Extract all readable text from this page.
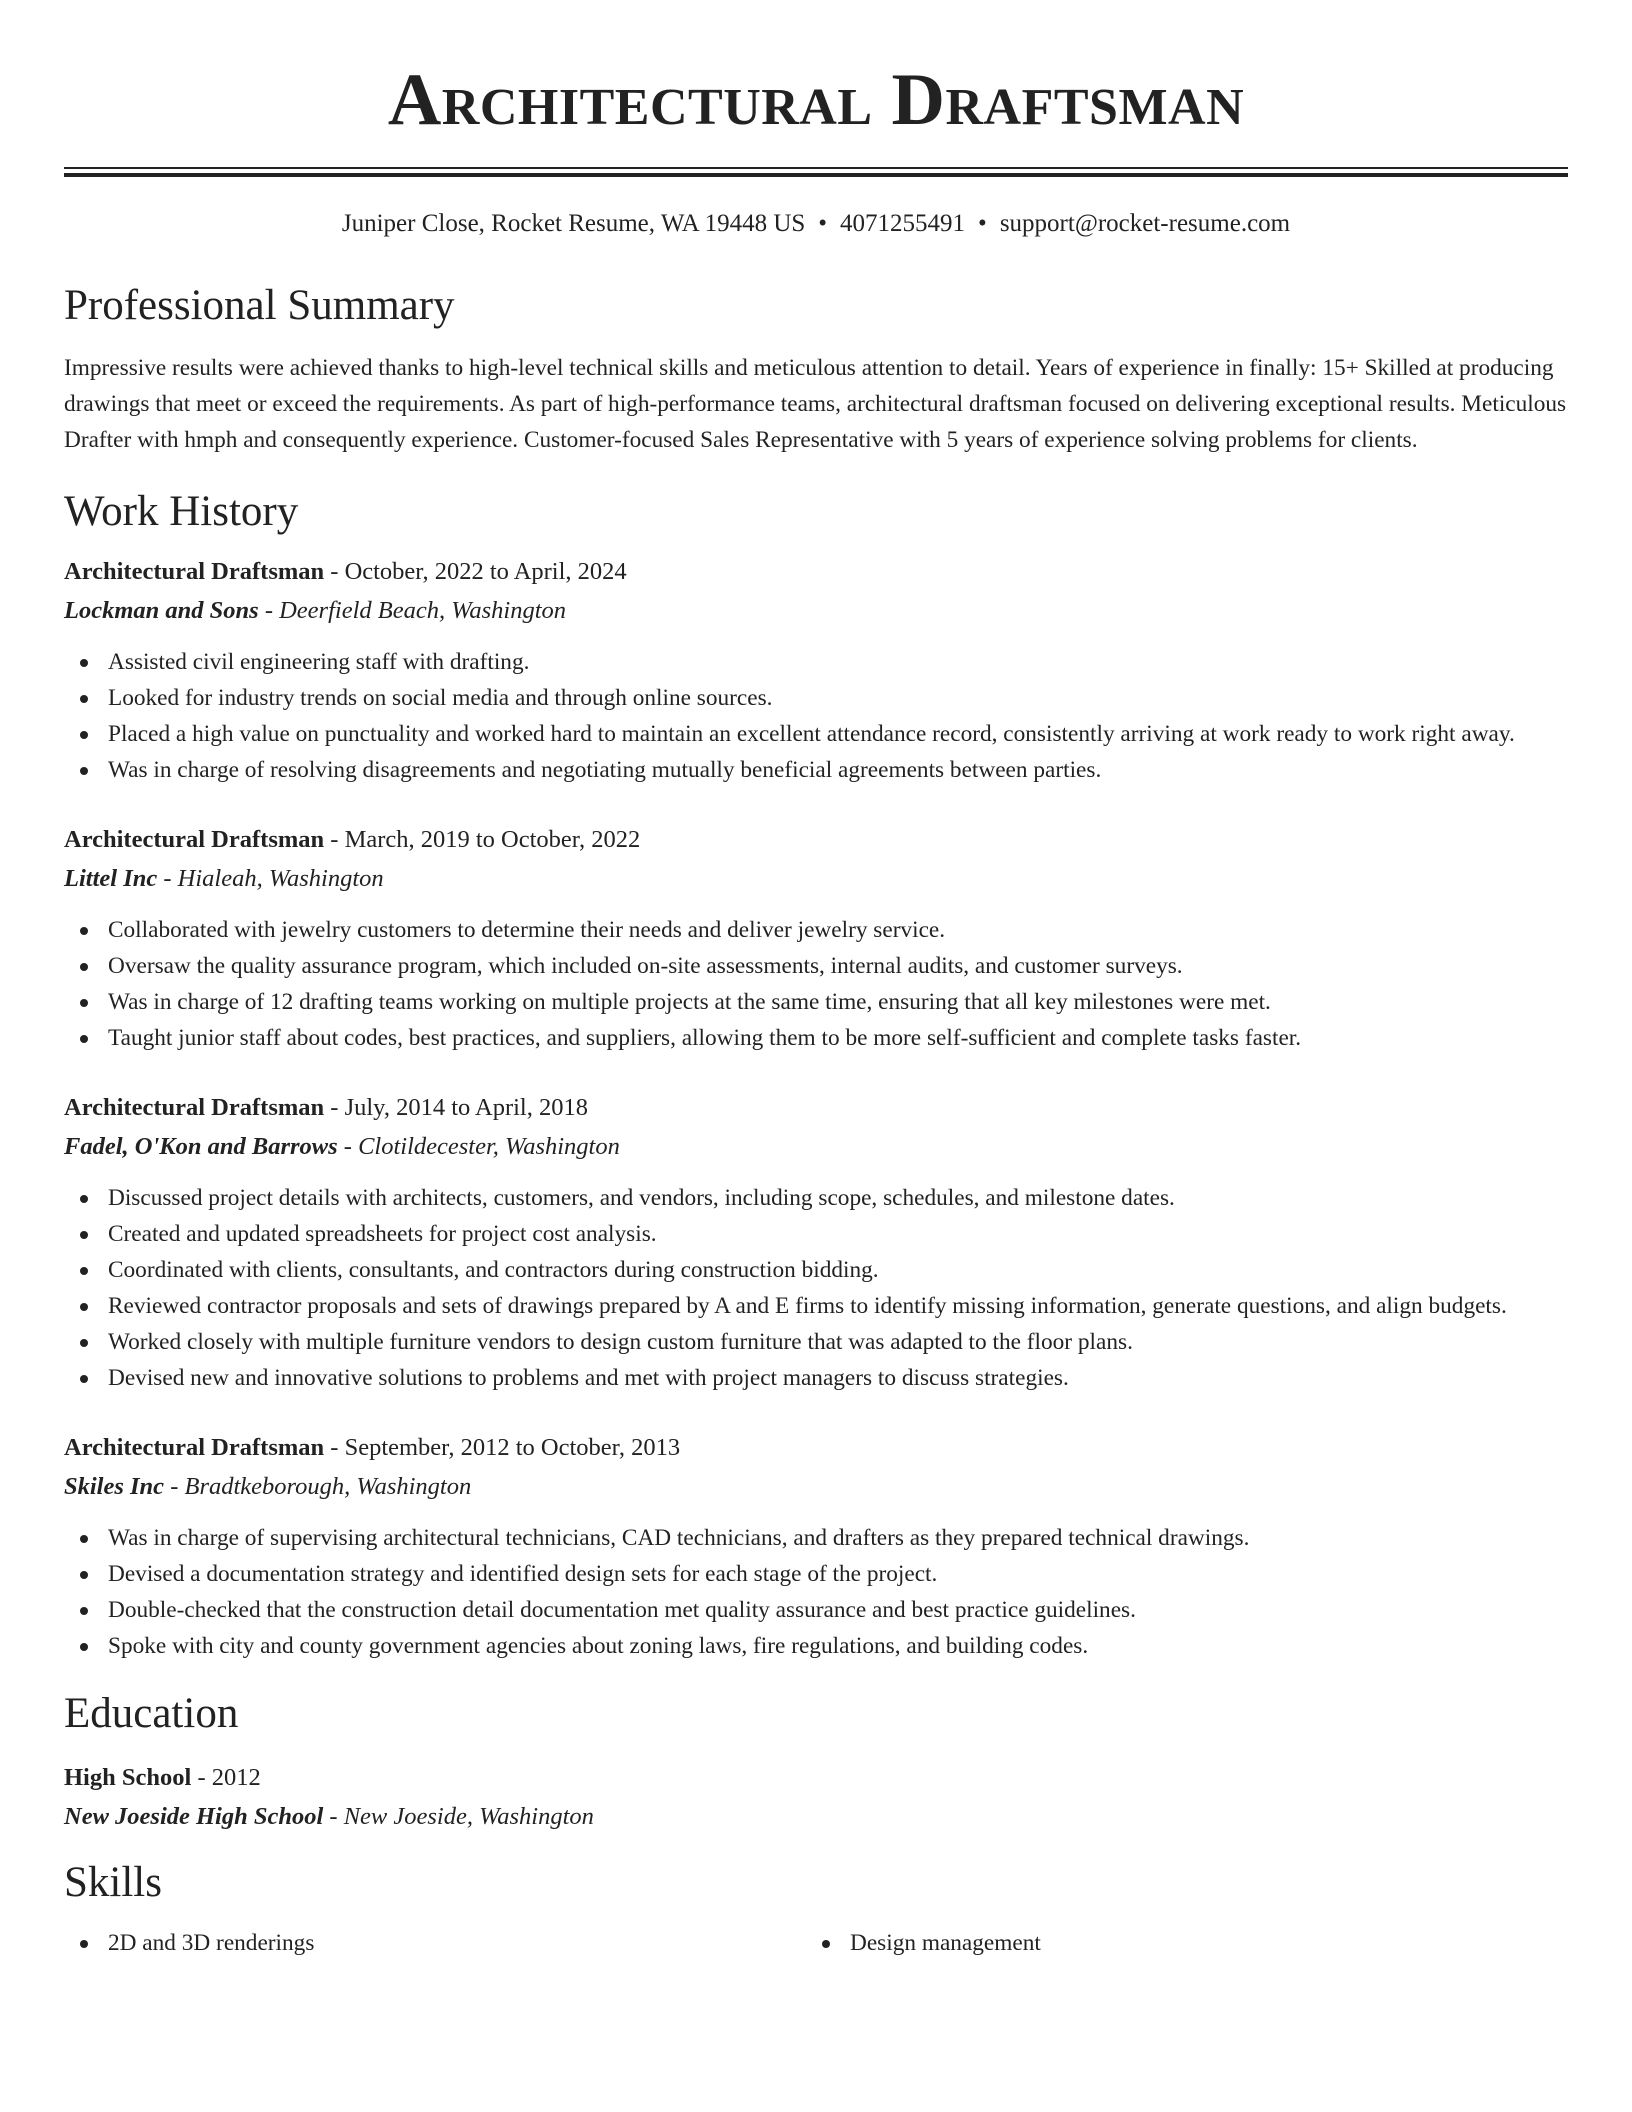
Architectural Draftsman
Juniper Close, Rocket Resume, WA 19448 US • 4071255491 • support@rocket-resume.com
Professional Summary

Impressive results were achieved thanks to high-level technical skills and meticulous attention to detail. Years of experience in finally: 15+ Skilled at producing drawings that meet or exceed the requirements. As part of high-performance teams, architectural draftsman focused on delivering exceptional results. Meticulous Drafter with hmph and consequently experience. Customer-focused Sales Representative with 5 years of experience solving problems for clients.

Work History
Architectural Draftsman - October, 2022 to April, 2024
Lockman and Sons - Deerfield Beach, Washington
Assisted civil engineering staff with drafting.
Looked for industry trends on social media and through online sources.
Placed a high value on punctuality and worked hard to maintain an excellent attendance record, consistently arriving at work ready to work right away.
Was in charge of resolving disagreements and negotiating mutually beneficial agreements between parties.
Architectural Draftsman - March, 2019 to October, 2022
Littel Inc - Hialeah, Washington
Collaborated with jewelry customers to determine their needs and deliver jewelry service.
Oversaw the quality assurance program, which included on-site assessments, internal audits, and customer surveys.
Was in charge of 12 drafting teams working on multiple projects at the same time, ensuring that all key milestones were met.
Taught junior staff about codes, best practices, and suppliers, allowing them to be more self-sufficient and complete tasks faster.
Architectural Draftsman - July, 2014 to April, 2018
Fadel, O'Kon and Barrows - Clotildecester, Washington
Discussed project details with architects, customers, and vendors, including scope, schedules, and milestone dates.
Created and updated spreadsheets for project cost analysis.
Coordinated with clients, consultants, and contractors during construction bidding.
Reviewed contractor proposals and sets of drawings prepared by A and E firms to identify missing information, generate questions, and align budgets.
Worked closely with multiple furniture vendors to design custom furniture that was adapted to the floor plans.
Devised new and innovative solutions to problems and met with project managers to discuss strategies.
Architectural Draftsman - September, 2012 to October, 2013
Skiles Inc - Bradtkeborough, Washington
Was in charge of supervising architectural technicians, CAD technicians, and drafters as they prepared technical drawings.
Devised a documentation strategy and identified design sets for each stage of the project.
Double-checked that the construction detail documentation met quality assurance and best practice guidelines.
Spoke with city and county government agencies about zoning laws, fire regulations, and building codes.
Education
High School - 2012
New Joeside High School - New Joeside, Washington
Skills
2D and 3D renderings	Design management
